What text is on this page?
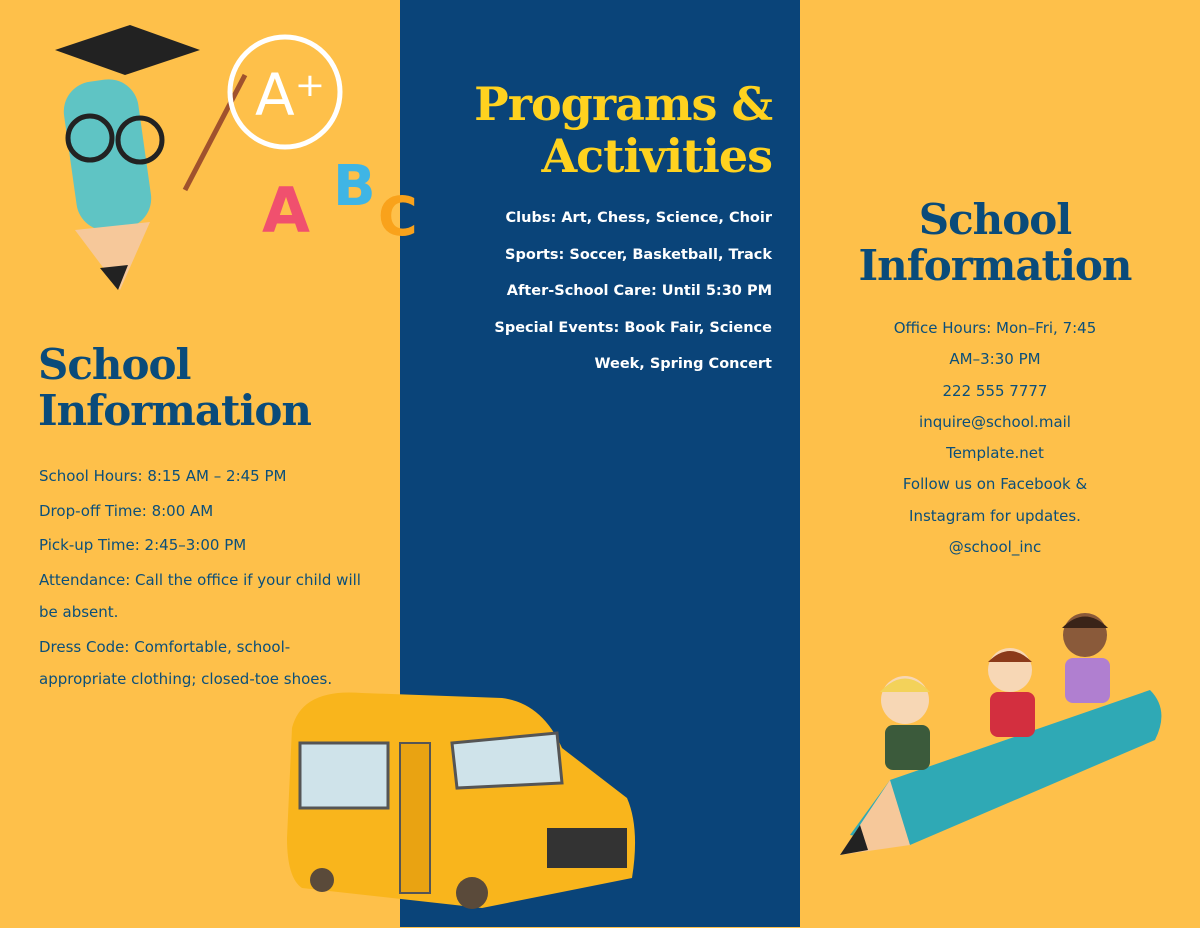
A⁺
A B C
School
Information
School Hours: 8:15 AM – 2:45 PM
Drop-off Time: 8:00 AM
Pick-up Time: 2:45–3:00 PM
Attendance: Call the office if your child will be absent.
Dress Code: Comfortable, school-appropriate clothing; closed-toe shoes.
Programs &
Activities
Clubs: Art, Chess, Science, Choir
Sports: Soccer, Basketball, Track
After-School Care: Until 5:30 PM
Special Events: Book Fair, Science Week, Spring Concert
School
Information
Office Hours: Mon–Fri, 7:45 AM–3:30 PM
222 555 7777
inquire@school.mail
Template.net
Follow us on Facebook & Instagram for updates.
@school_inc
